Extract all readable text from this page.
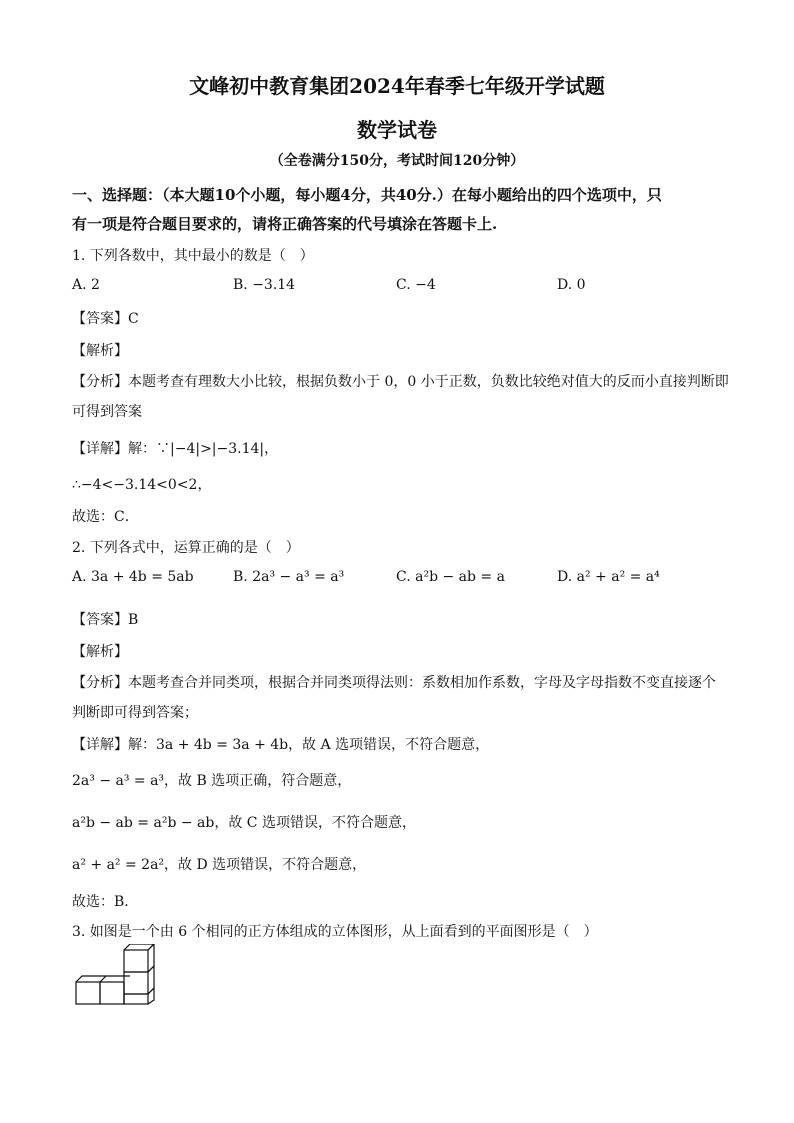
文峰初中教育集团2024年春季七年级开学试题
数学试卷
（全卷满分150分，考试时间120分钟）
一、选择题：（本大题10个小题，每小题4分，共40分.）在每小题给出的四个选项中，只
有一项是符合题目要求的，请将正确答案的代号填涂在答题卡上.
1. 下列各数中，其中最小的数是（　）
A. 2	B. −3.14	C. −4	D. 0
【答案】C
【解析】
【分析】本题考查有理数大小比较，根据负数小于 0，0 小于正数，负数比较绝对值大的反而小直接判断即
可得到答案
【详解】解：∵|−4|>|−3.14|，
∴−4<−3.14<0<2，
故选：C．
2. 下列各式中，运算正确的是（　）
A. 3a + 4b = 5ab	B. 2a³ − a³ = a³	C. a²b − ab = a	D. a² + a² = a⁴
【答案】B
【解析】
【分析】本题考查合并同类项，根据合并同类项得法则：系数相加作系数，字母及字母指数不变直接逐个
判断即可得到答案；
【详解】解：3a + 4b = 3a + 4b，故 A 选项错误，不符合题意，
2a³ − a³ = a³，故 B 选项正确，符合题意，
a²b − ab = a²b − ab，故 C 选项错误，不符合题意，
a² + a² = 2a²，故 D 选项错误，不符合题意，
故选：B．
3. 如图是一个由 6 个相同的正方体组成的立体图形，从上面看到的平面图形是（　）
